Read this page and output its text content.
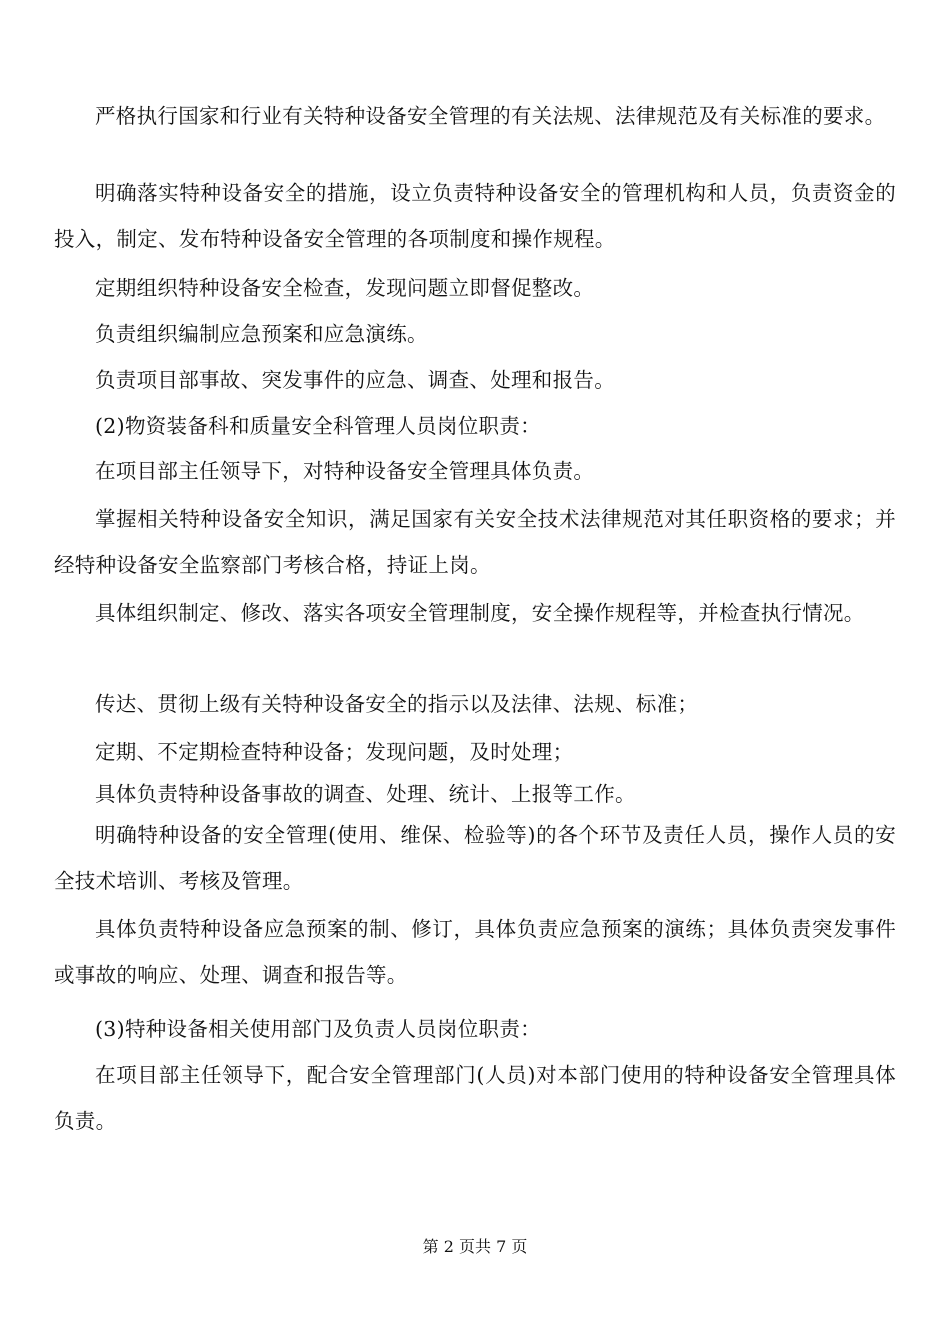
严格执行国家和行业有关特种设备安全管理的有关法规、法律规范及有关标准的要求。

明确落实特种设备安全的措施，设立负责特种设备安全的管理机构和人员，负责资金的投入，制定、发布特种设备安全管理的各项制度和操作规程。

定期组织特种设备安全检查，发现问题立即督促整改。

负责组织编制应急预案和应急演练。

负责项目部事故、突发事件的应急、调查、处理和报告。

(2)物资装备科和质量安全科管理人员岗位职责：

在项目部主任领导下，对特种设备安全管理具体负责。

掌握相关特种设备安全知识，满足国家有关安全技术法律规范对其任职资格的要求；并经特种设备安全监察部门考核合格，持证上岗。

具体组织制定、修改、落实各项安全管理制度，安全操作规程等，并检查执行情况。

传达、贯彻上级有关特种设备安全的指示以及法律、法规、标准；

定期、不定期检查特种设备；发现问题，及时处理；

具体负责特种设备事故的调查、处理、统计、上报等工作。

明确特种设备的安全管理(使用、维保、检验等)的各个环节及责任人员，操作人员的安全技术培训、考核及管理。

具体负责特种设备应急预案的制、修订，具体负责应急预案的演练；具体负责突发事件或事故的响应、处理、调查和报告等。

(3)特种设备相关使用部门及负责人员岗位职责：

在项目部主任领导下，配合安全管理部门(人员)对本部门使用的特种设备安全管理具体负责。

第 2 页共 7 页
